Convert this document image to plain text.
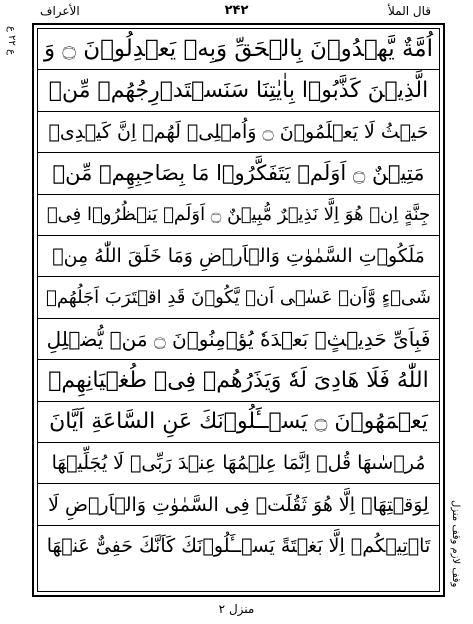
الأعراف	۲۴۲	قال الملأ
ع ۲۲ ع اُمَّةٌ يَّهۡدُوۡنَ بِالۡحَقِّ وَبِهٖ يَعۡدِلُوۡنَ ۝ وَ
الَّذِيۡنَ كَذَّبُوۡا بِاٰيٰتِنَا سَنَسۡتَدۡرِجُهُمۡ مِّنۡ
حَيۡثُ لَا يَعۡلَمُوۡنَ ۝ وَاُمۡلِىۡ لَهُمۡ اِنَّ كَيۡدِىۡ
مَتِيۡنٌ ۝ اَوَلَمۡ يَتَفَكَّرُوۡا مَا بِصَاحِبِهِمۡ مِّنۡ
جِنَّةٍ اِنۡ هُوَ اِلَّا نَذِيۡرٌ مُّبِيۡنٌ ۝ اَوَلَمۡ يَنۡظُرُوۡا فِىۡ
مَلَكُوۡتِ السَّمٰوٰتِ وَالۡاَرۡضِ وَمَا خَلَقَ اللّٰهُ مِنۡ
شَىۡءٍ وَّاَنۡ عَسٰۤى اَنۡ يَّكُوۡنَ قَدِ اقۡتَرَبَ اَجَلُهُمۡ
فَبِاَىِّ حَدِيۡثٍۢ بَعۡدَهٗ يُؤۡمِنُوۡنَ ۝ مَنۡ يُّضۡلِلِ
اللّٰهُ فَلَا هَادِىَ لَهٗ وَيَذَرُهُمۡ فِىۡ طُغۡيَانِهِمۡ
يَعۡمَهُوۡنَ ۝ يَسۡــَٔلُوۡنَكَ عَنِ السَّاعَةِ اَيَّانَ
مُرۡسٰٮهَا قُلۡ اِنَّمَا عِلۡمُهَا عِنۡدَ رَبِّىۡ لَا يُجَلِّيۡهَا
لِوَقۡتِهَاۤ اِلَّا هُوَ ثَقُلَتۡ فِى السَّمٰوٰتِ وَالۡاَرۡضِ لَا
تَاۡتِيۡكُمۡ اِلَّا بَغۡتَةً يَسۡــَٔلُوۡنَكَ كَاَنَّكَ حَفِىٌّ عَنۡهَا وقف لازم وقف منزل
منزل ۲
